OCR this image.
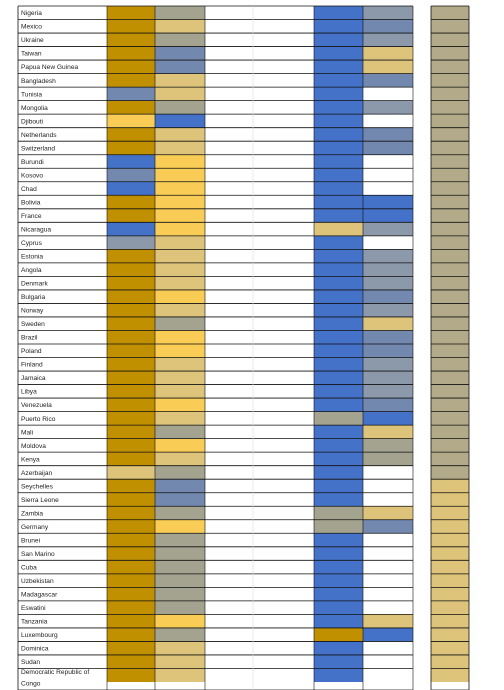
Nigeria
Mexico
Ukraine
Taiwan
Papua New Guinea
Bangladesh
Tunisia
Mongolia
Djibouti
Netherlands
Switzerland
Burundi
Kosovo
Chad
Bolivia
France
Nicaragua
Cyprus
Estonia
Angola
Denmark
Bulgaria
Norway
Sweden
Brazil
Poland
Finland
Jamaica
Libya
Venezuela
Puerto Rico
Mali
Moldova
Kenya
Azerbaijan
Seychelles
Sierra Leone
Zambia
Germany
Brunei
San Marino
Cuba
Uzbekistan
Madagascar
Eswatini
Tanzania
Luxembourg
Dominica
Sudan
Democratic Republic of Congo
